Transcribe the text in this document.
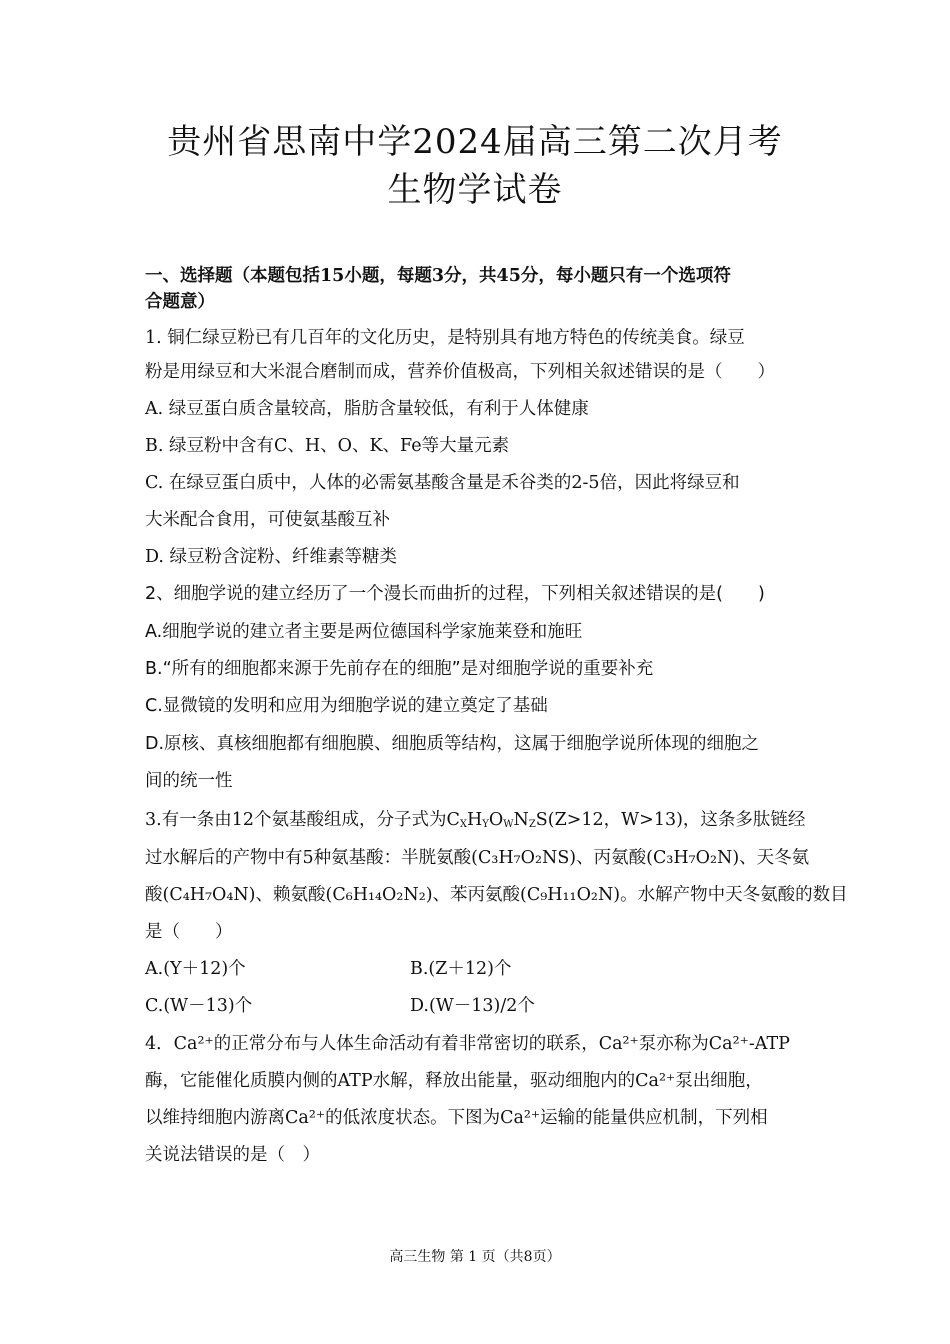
贵州省思南中学2024届高三第二次月考
生物学试卷
一、选择题（本题包括15小题，每题3分，共45分，每小题只有一个选项符
合题意）
1. 铜仁绿豆粉已有几百年的文化历史，是特别具有地方特色的传统美食。绿豆
粉是用绿豆和大米混合磨制而成，营养价值极高，下列相关叙述错误的是（　　）
A. 绿豆蛋白质含量较高，脂肪含量较低，有利于人体健康
B. 绿豆粉中含有C、H、O、K、Fe等大量元素
C. 在绿豆蛋白质中，人体的必需氨基酸含量是禾谷类的2-5倍，因此将绿豆和
大米配合食用，可使氨基酸互补
D. 绿豆粉含淀粉、纤维素等糖类
2、细胞学说的建立经历了一个漫长而曲折的过程，下列相关叙述错误的是(　　)
A.细胞学说的建立者主要是两位德国科学家施莱登和施旺
B.“所有的细胞都来源于先前存在的细胞”是对细胞学说的重要补充
C.显微镜的发明和应用为细胞学说的建立奠定了基础
D.原核、真核细胞都有细胞膜、细胞质等结构，这属于细胞学说所体现的细胞之
间的统一性
3.有一条由12个氨基酸组成，分子式为$C_XH_YO_WN_ZS(Z>12$，W>13)，这条多肽链经
过水解后的产物中有5种氨基酸：半胱氨酸(C₃H₇O₂NS)、丙氨酸(C₃H₇O₂N)、天冬氨
酸(C₄H₇O₄N)、赖氨酸(C₆H₁₄O₂N₂)、苯丙氨酸(C₉H₁₁O₂N)。水解产物中天冬氨酸的数目
是（　　）
A.(Y＋12)个	B.(Z＋12)个
C.(W－13)个	D.(W－13)/2个
4．Ca²⁺的正常分布与人体生命活动有着非常密切的联系，Ca²⁺泵亦称为Ca²⁺-ATP
酶，它能催化质膜内侧的ATP水解，释放出能量，驱动细胞内的Ca²⁺泵出细胞，
以维持细胞内游离Ca²⁺的低浓度状态。下图为Ca²⁺运输的能量供应机制，下列相
关说法错误的是（　）
高三生物 第 1 页（共8页）
